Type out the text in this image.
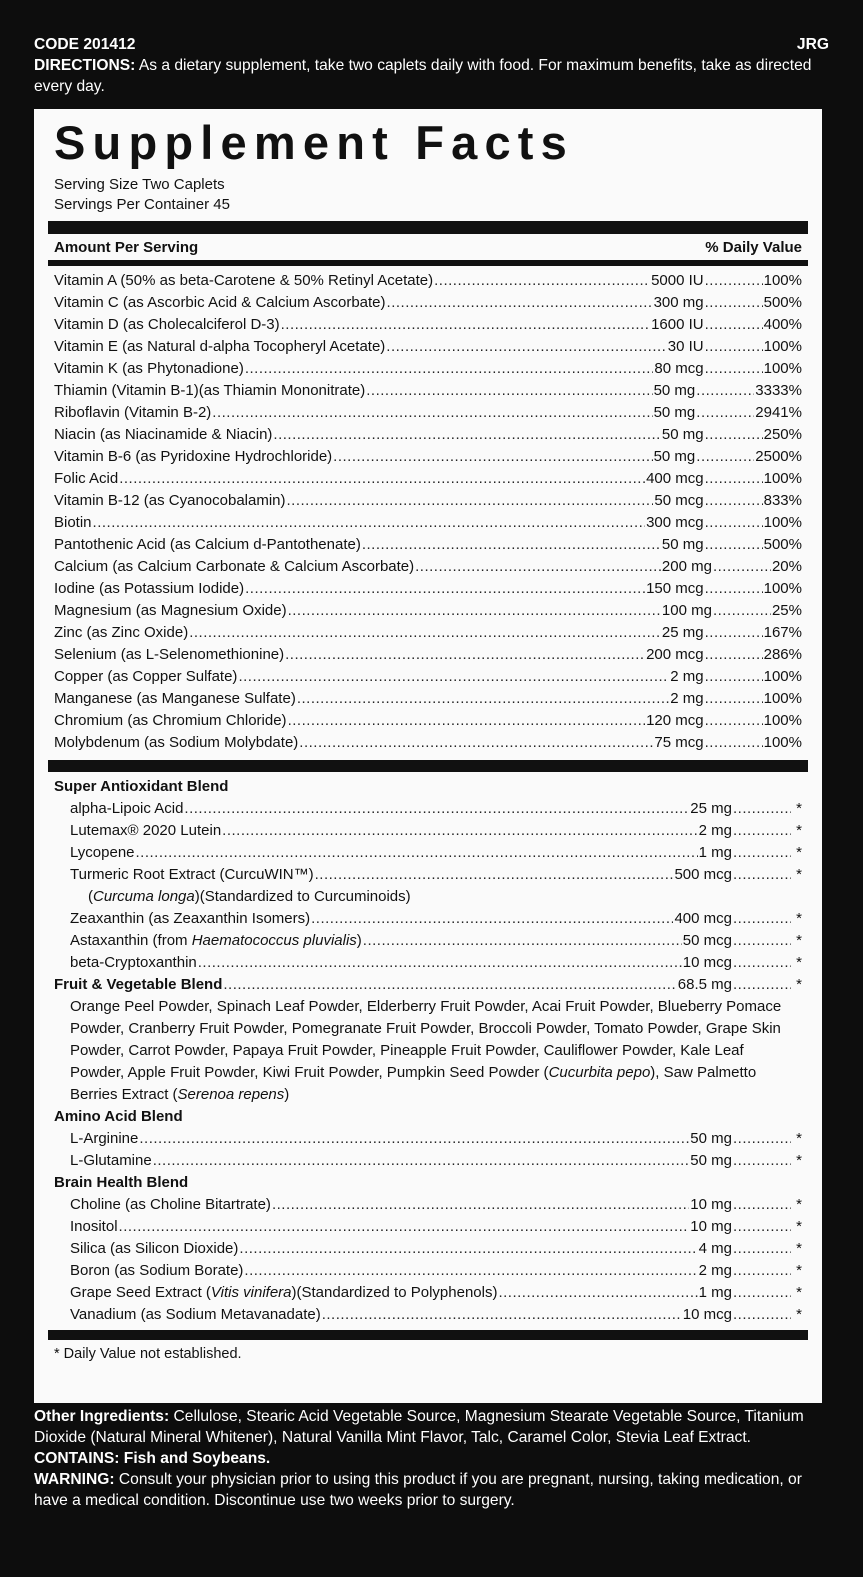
CODE 201412	JRG
DIRECTIONS: As a dietary supplement, take two caplets daily with food. For maximum benefits, take as directed every day.
Supplement Facts
Serving Size Two Caplets
Servings Per Container 45
Amount Per Serving	% Daily Value
Vitamin A (50% as beta-Carotene & 50% Retinyl Acetate) .....	5000 IU .....	100%
Vitamin C (as Ascorbic Acid & Calcium Ascorbate) .....	300 mg .....	500%
Vitamin D (as Cholecalciferol D-3) .....	1600 IU .....	400%
Vitamin E (as Natural d-alpha Tocopheryl Acetate) .....	30 IU .....	100%
Vitamin K (as Phytonadione) .....	80 mcg .....	100%
Thiamin (Vitamin B-1)(as Thiamin Mononitrate) .....	50 mg .....	3333%
Riboflavin (Vitamin B-2) .....	50 mg .....	2941%
Niacin (as Niacinamide & Niacin) .....	50 mg .....	250%
Vitamin B-6 (as Pyridoxine Hydrochloride) .....	50 mg .....	2500%
Folic Acid .....	400 mcg .....	100%
Vitamin B-12 (as Cyanocobalamin) .....	50 mcg .....	833%
Biotin .....	300 mcg .....	100%
Pantothenic Acid (as Calcium d-Pantothenate) .....	50 mg .....	500%
Calcium (as Calcium Carbonate & Calcium Ascorbate) .....	200 mg .....	20%
Iodine (as Potassium Iodide) .....	150 mcg .....	100%
Magnesium (as Magnesium Oxide) .....	100 mg .....	25%
Zinc (as Zinc Oxide) .....	25 mg .....	167%
Selenium (as L-Selenomethionine) .....	200 mcg .....	286%
Copper (as Copper Sulfate) .....	2 mg .....	100%
Manganese (as Manganese Sulfate) .....	2 mg .....	100%
Chromium (as Chromium Chloride) .....	120 mcg .....	100%
Molybdenum (as Sodium Molybdate) .....	75 mcg .....	100%
Super Antioxidant Blend
alpha-Lipoic Acid .....	25 mg .....	*
Lutemax® 2020 Lutein .....	2 mg .....	*
Lycopene .....	1 mg .....	*
Turmeric Root Extract (CurcuWIN™) .....	500 mcg .....	*
(Curcuma longa)(Standardized to Curcuminoids)
Zeaxanthin (as Zeaxanthin Isomers) .....	400 mcg .....	*
Astaxanthin (from Haematococcus pluvialis) .....	50 mcg .....	*
beta-Cryptoxanthin .....	10 mcg .....	*
Fruit & Vegetable Blend .....	68.5 mg .....	*
Orange Peel Powder, Spinach Leaf Powder, Elderberry Fruit Powder, Acai Fruit Powder, Blueberry Pomace Powder, Cranberry Fruit Powder, Pomegranate Fruit Powder, Broccoli Powder, Tomato Powder, Grape Skin Powder, Carrot Powder, Papaya Fruit Powder, Pineapple Fruit Powder, Cauliflower Powder, Kale Leaf Powder, Apple Fruit Powder, Kiwi Fruit Powder, Pumpkin Seed Powder (Cucurbita pepo), Saw Palmetto Berries Extract (Serenoa repens)
Amino Acid Blend
L-Arginine .....	50 mg .....	*
L-Glutamine .....	50 mg .....	*
Brain Health Blend
Choline (as Choline Bitartrate) .....	10 mg .....	*
Inositol .....	10 mg .....	*
Silica (as Silicon Dioxide) .....	4 mg .....	*
Boron (as Sodium Borate) .....	2 mg .....	*
Grape Seed Extract (Vitis vinifera)(Standardized to Polyphenols) .....	1 mg .....	*
Vanadium (as Sodium Metavanadate) .....	10 mcg .....	*
* Daily Value not established.
Other Ingredients: Cellulose, Stearic Acid Vegetable Source, Magnesium Stearate Vegetable Source, Titanium Dioxide (Natural Mineral Whitener), Natural Vanilla Mint Flavor, Talc, Caramel Color, Stevia Leaf Extract.
CONTAINS: Fish and Soybeans.
WARNING: Consult your physician prior to using this product if you are pregnant, nursing, taking medication, or have a medical condition. Discontinue use two weeks prior to surgery.
